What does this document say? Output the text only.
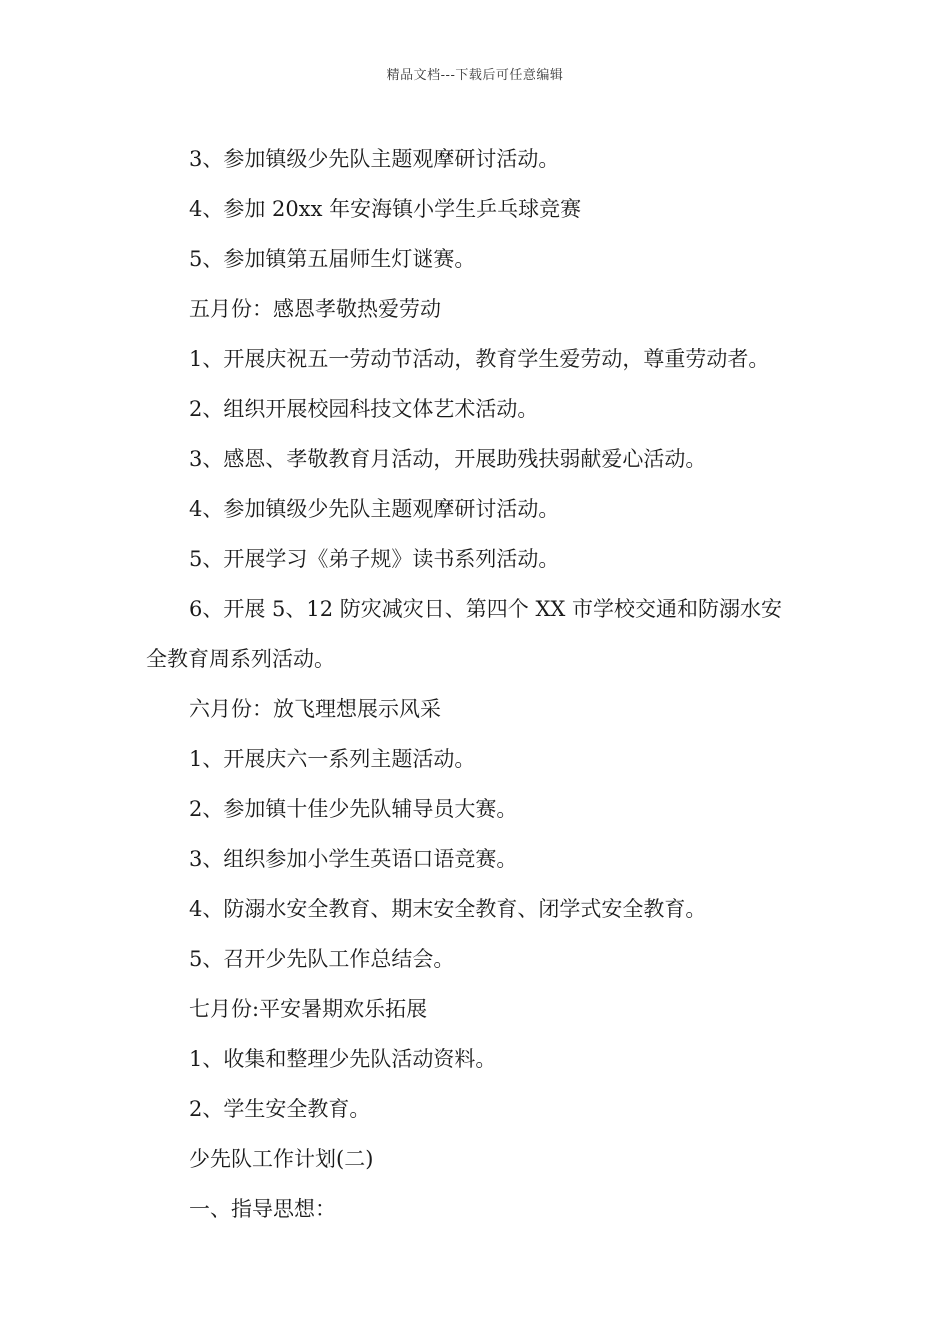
精品文档---下载后可任意编辑
3、参加镇级少先队主题观摩研讨活动。
4、参加 20xx 年安海镇小学生乒乓球竞赛
5、参加镇第五届师生灯谜赛。
五月份：感恩孝敬热爱劳动
1、开展庆祝五一劳动节活动，教育学生爱劳动，尊重劳动者。
2、组织开展校园科技文体艺术活动。
3、感恩、孝敬教育月活动，开展助残扶弱献爱心活动。
4、参加镇级少先队主题观摩研讨活动。
5、开展学习《弟子规》读书系列活动。
6、开展 5、12 防灾减灾日、第四个 XX 市学校交通和防溺水安
全教育周系列活动。
六月份：放飞理想展示风采
1、开展庆六一系列主题活动。
2、参加镇十佳少先队辅导员大赛。
3、组织参加小学生英语口语竞赛。
4、防溺水安全教育、期末安全教育、闭学式安全教育。
5、召开少先队工作总结会。
七月份:平安暑期欢乐拓展
1、收集和整理少先队活动资料。
2、学生安全教育。
少先队工作计划(二)
一、指导思想：
